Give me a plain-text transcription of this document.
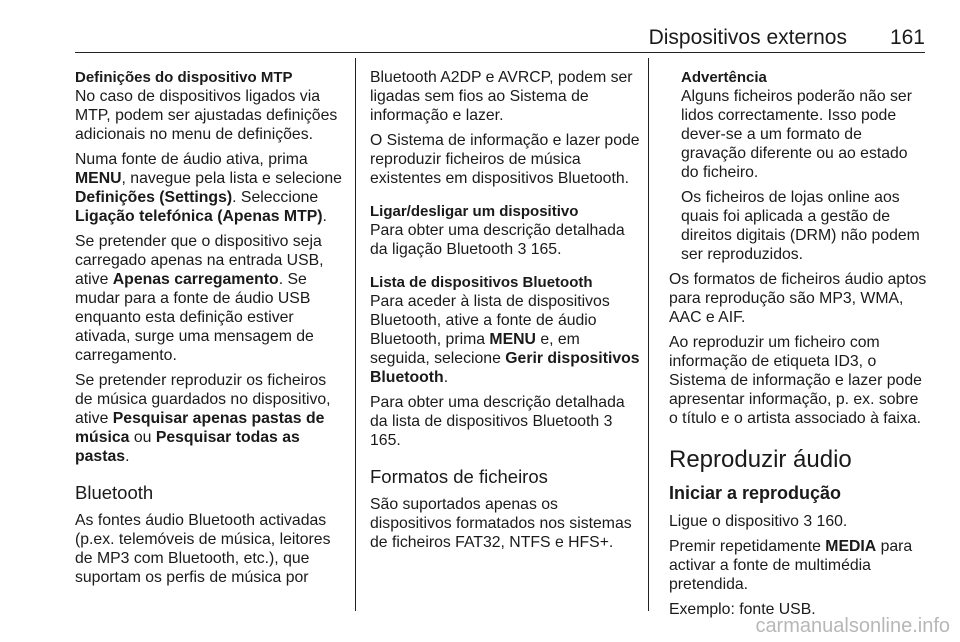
Dispositivos externos 161
Definições do dispositivo MTP

No caso de dispositivos ligados via MTP, podem ser ajustadas definições adicionais no menu de definições.

Numa fonte de áudio ativa, prima MENU, navegue pela lista e selecione Definições (Settings). Seleccione Ligação telefónica (Apenas MTP).

Se pretender que o dispositivo seja carregado apenas na entrada USB, ative Apenas carregamento. Se mudar para a fonte de áudio USB enquanto esta definição estiver ativada, surge uma mensagem de carregamento.

Se pretender reproduzir os ficheiros de música guardados no dispositivo, ative Pesquisar apenas pastas de música ou Pesquisar todas as pastas.

Bluetooth

As fontes áudio Bluetooth activadas (p.ex. telemóveis de música, leitores de MP3 com Bluetooth, etc.), que suportam os perfis de música por

Bluetooth A2DP e AVRCP, podem ser ligadas sem fios ao Sistema de informação e lazer.

O Sistema de informação e lazer pode reproduzir ficheiros de música existentes em dispositivos Bluetooth.

Ligar/desligar um dispositivo

Para obter uma descrição detalhada da ligação Bluetooth 3 165.

Lista de dispositivos Bluetooth

Para aceder à lista de dispositivos Bluetooth, ative a fonte de áudio Bluetooth, prima MENU e, em seguida, selecione Gerir dispositivos Bluetooth.

Para obter uma descrição detalhada da lista de dispositivos Bluetooth 3 165.

Formatos de ficheiros

São suportados apenas os dispositivos formatados nos sistemas de ficheiros FAT32, NTFS e HFS+.

Advertência

Alguns ficheiros poderão não ser lidos correctamente. Isso pode dever-se a um formato de gravação diferente ou ao estado do ficheiro.

Os ficheiros de lojas online aos quais foi aplicada a gestão de direitos digitais (DRM) não podem ser reproduzidos.

Os formatos de ficheiros áudio aptos para reprodução são MP3, WMA, AAC e AIF.

Ao reproduzir um ficheiro com informação de etiqueta ID3, o Sistema de informação e lazer pode apresentar informação, p. ex. sobre o título e o artista associado à faixa.

Reproduzir áudio
Iniciar a reprodução

Ligue o dispositivo 3 160.

Premir repetidamente MEDIA para activar a fonte de multimédia pretendida.

Exemplo: fonte USB.

carmanualsonline.info
